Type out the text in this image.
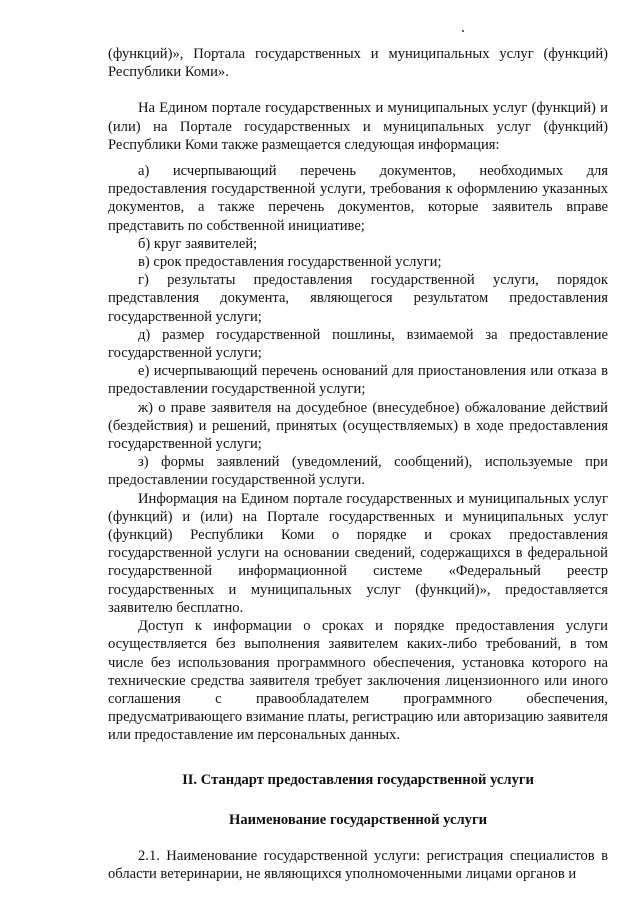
(функций)», Портала государственных и муниципальных услуг (функций) Республики Коми».

На Едином портале государственных и муниципальных услуг (функций) и (или) на Портале государственных и муниципальных услуг (функций) Республики Коми также размещается следующая информация:

а) исчерпывающий перечень документов, необходимых для предоставления государственной услуги, требования к оформлению указанных документов, а также перечень документов, которые заявитель вправе представить по собственной инициативе;

б) круг заявителей;

в) срок предоставления государственной услуги;

г) результаты предоставления государственной услуги, порядок представления документа, являющегося результатом предоставления государственной услуги;

д) размер государственной пошлины, взимаемой за предоставление государственной услуги;

е) исчерпывающий перечень оснований для приостановления или отказа в предоставлении государственной услуги;

ж) о праве заявителя на досудебное (внесудебное) обжалование действий (бездействия) и решений, принятых (осуществляемых) в ходе предоставления государственной услуги;

з) формы заявлений (уведомлений, сообщений), используемые при предоставлении государственной услуги.

Информация на Едином портале государственных и муниципальных услуг (функций) и (или) на Портале государственных и муниципальных услуг (функций) Республики Коми о порядке и сроках предоставления государственной услуги на основании сведений, содержащихся в федеральной государственной информационной системе «Федеральный реестр государственных и муниципальных услуг (функций)», предоставляется заявителю бесплатно.

Доступ к информации о сроках и порядке предоставления услуги осуществляется без выполнения заявителем каких-либо требований, в том числе без использования программного обеспечения, установка которого на технические средства заявителя требует заключения лицензионного или иного соглашения с правообладателем программного обеспечения, предусматривающего взимание платы, регистрацию или авторизацию заявителя или предоставление им персональных данных.

II. Стандарт предоставления государственной услуги

Наименование государственной услуги

2.1. Наименование государственной услуги: регистрация специалистов в области ветеринарии, не являющихся уполномоченными лицами органов и
